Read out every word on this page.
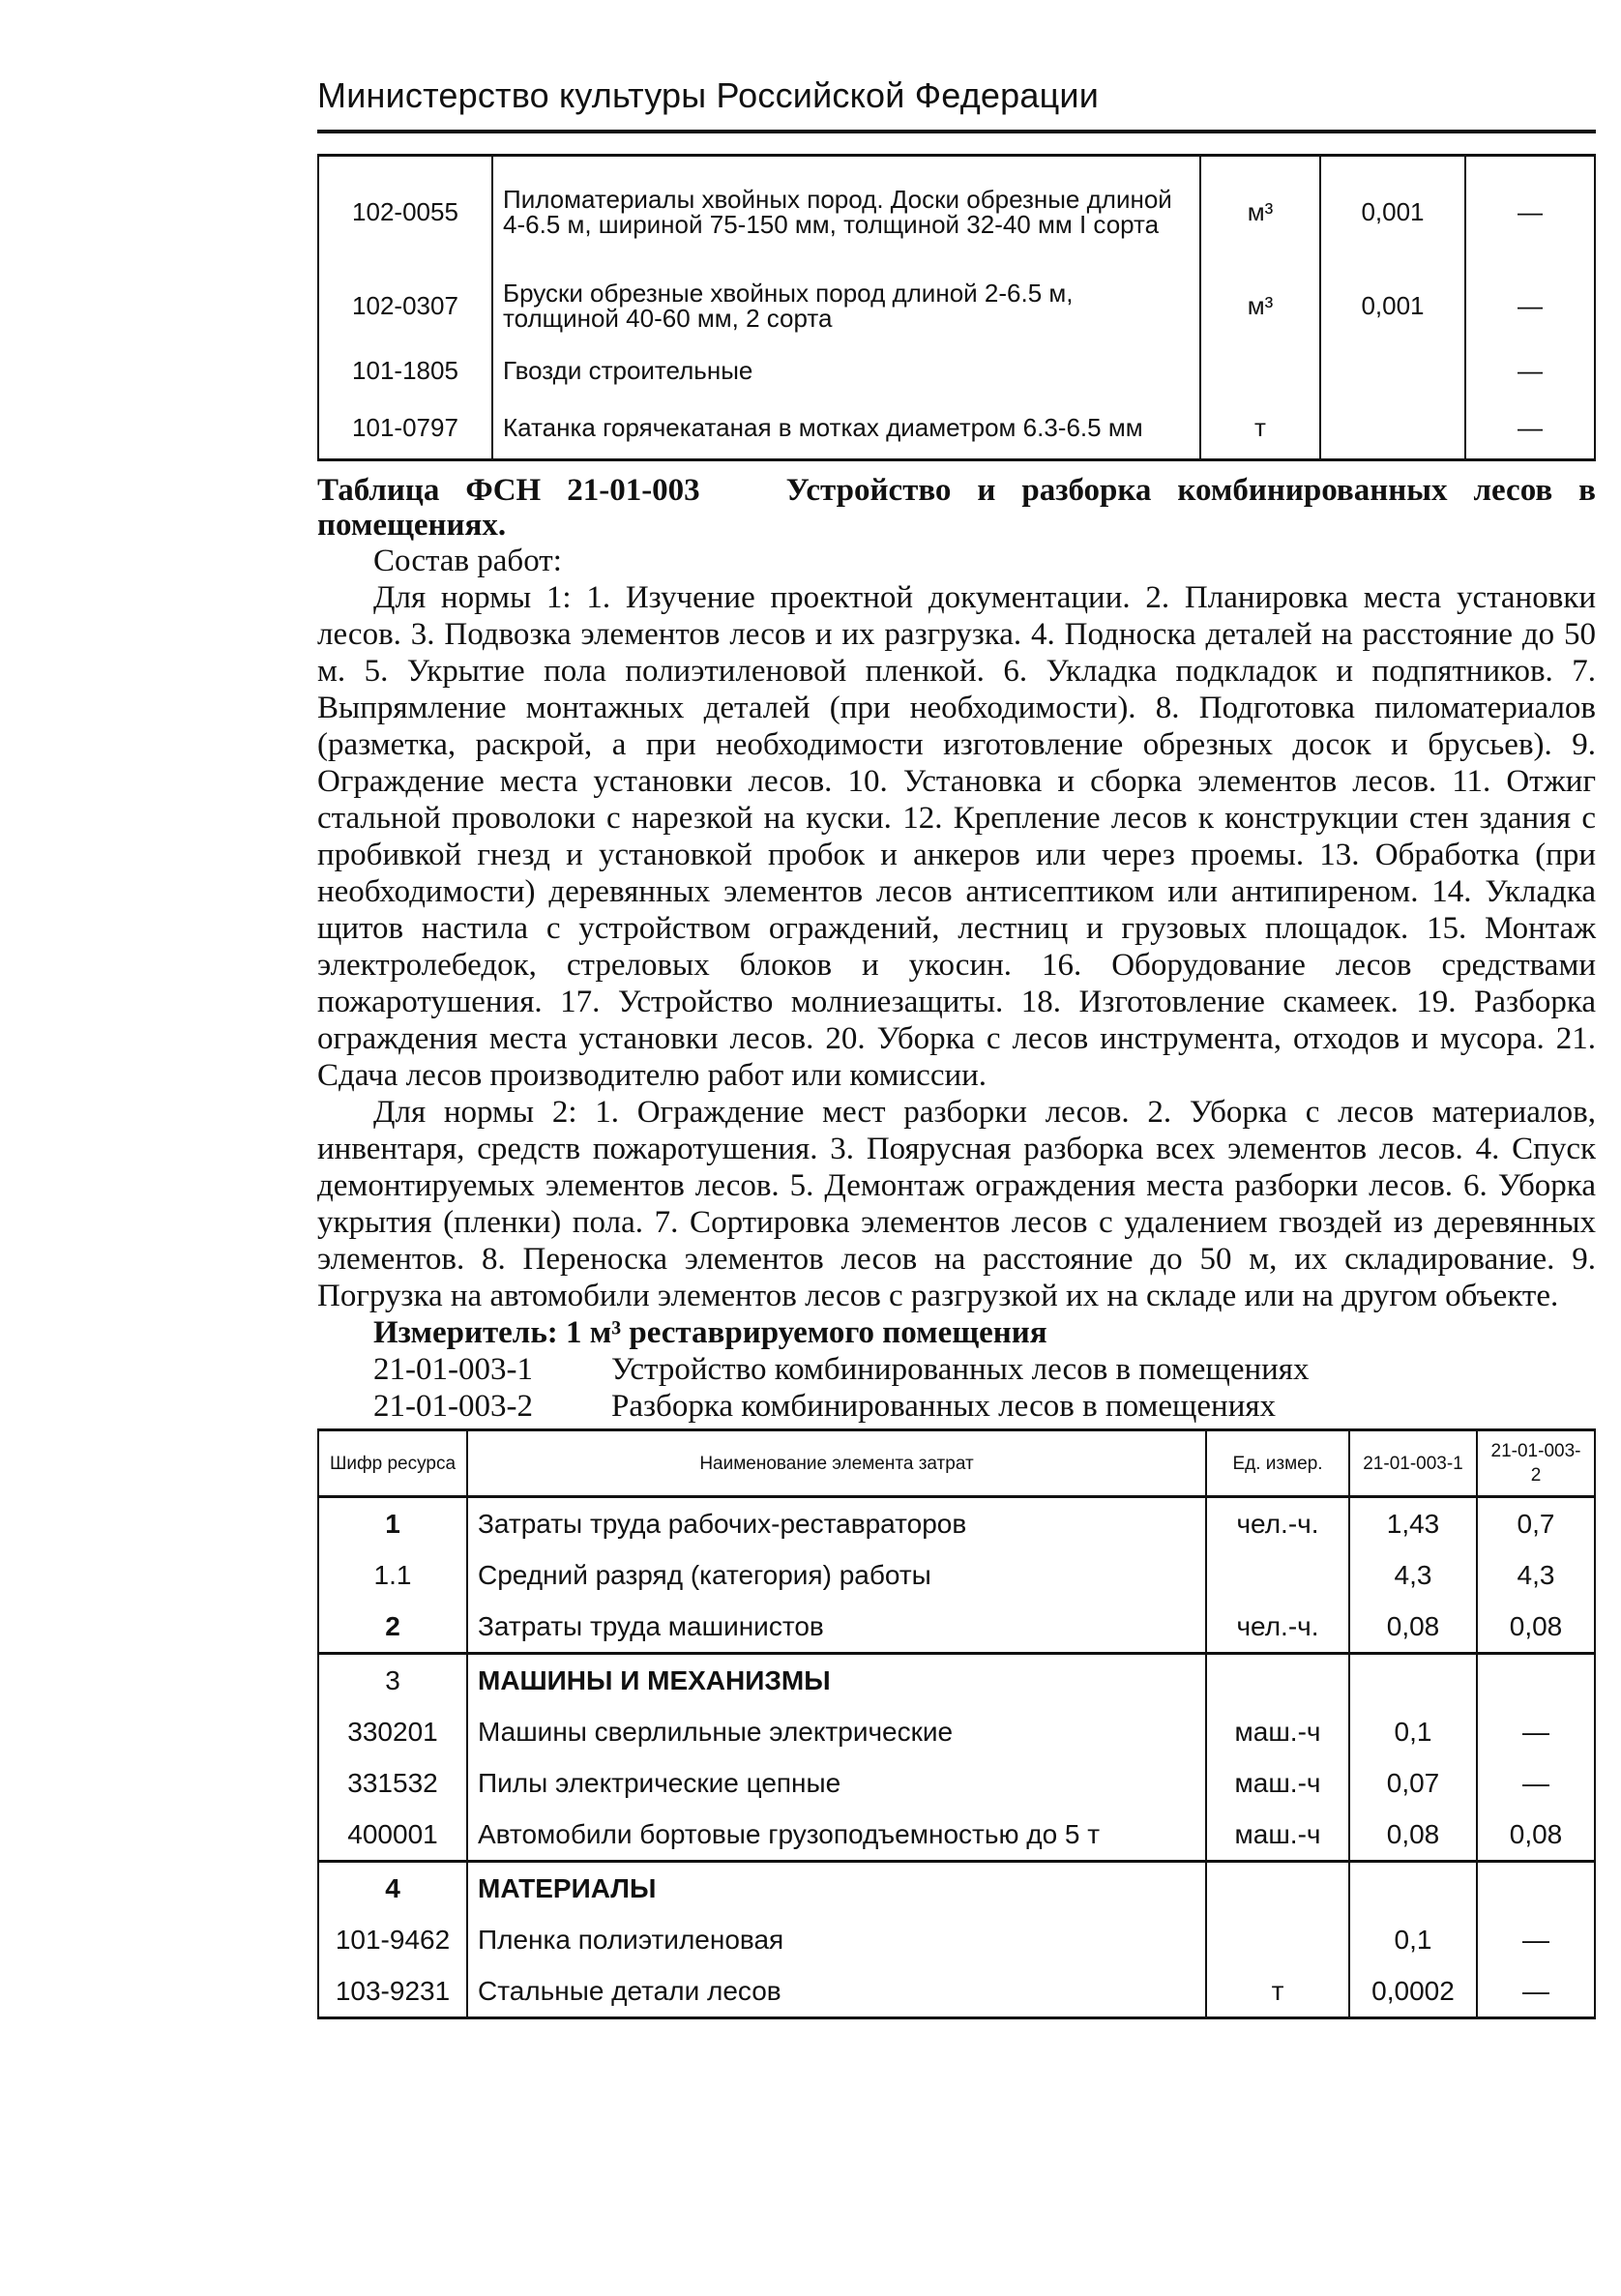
Министерство культуры Российской Федерации
102-0055	Пиломатериалы хвойных пород. Доски обрезные длиной 4-6.5 м, шириной 75-150 мм, толщиной 32-40 мм I сорта	м³	0,001	—
102-0307	Бруски обрезные хвойных пород длиной 2-6.5 м, толщиной 40-60 мм, 2 сорта	м³	0,001	—
101-1805	Гвозди строительные			—
101-0797	Катанка горячекатаная в мотках диаметром 6.3-6.5 мм	т		—
Таблица ФСН 21-01-003	Устройство и разборка комбинированных лесов в помещениях.

Состав работ:

Для нормы 1: 1. Изучение проектной документации. 2. Планировка места установки лесов. 3. Подвозка элементов лесов и их разгрузка. 4. Подноска деталей на расстояние до 50 м. 5. Укрытие пола полиэтиленовой пленкой. 6. Укладка подкладок и подпятников. 7. Выпрямление монтажных деталей (при необходимости). 8. Подготовка пиломатериалов (разметка, раскрой, а при необходимости изготовление обрезных досок и брусьев). 9. Ограждение места установки лесов. 10. Установка и сборка элементов лесов. 11. Отжиг стальной проволоки с нарезкой на куски. 12. Крепление лесов к конструкции стен здания с пробивкой гнезд и установкой пробок и анкеров или через проемы. 13. Обработка (при необходимости) деревянных элементов лесов антисептиком или антипиреном. 14. Укладка щитов настила с устройством ограждений, лестниц и грузовых площадок. 15. Монтаж электролебедок, стреловых блоков и укосин. 16. Оборудование лесов средствами пожаротушения. 17. Устройство молниезащиты. 18. Изготовление скамеек. 19. Разборка ограждения места установки лесов. 20. Уборка с лесов инструмента, отходов и мусора. 21. Сдача лесов производителю работ или комиссии.

Для нормы 2: 1. Ограждение мест разборки лесов. 2. Уборка с лесов материалов, инвентаря, средств пожаротушения. 3. Поярусная разборка всех элементов лесов. 4. Спуск демонтируемых элементов лесов. 5. Демонтаж ограждения места разборки лесов. 6. Уборка укрытия (пленки) пола. 7. Сортировка элементов лесов с удалением гвоздей из деревянных элементов. 8. Переноска элементов лесов на расстояние до 50 м, их складирование. 9. Погрузка на автомобили элементов лесов с разгрузкой их на складе или на другом объекте.

Измеритель: 1 м³ реставрируемого помещения

21-01-003-1 Устройство комбинированных лесов в помещениях

21-01-003-2 Разборка комбинированных лесов в помещениях

Шифр ресурса	Наименование элемента затрат	Ед. измер.	21-01-003-1	21-01-003-2
1	Затраты труда рабочих-реставраторов	чел.-ч.	1,43	0,7
1.1	Средний разряд (категория) работы		4,3	4,3
2	Затраты труда машинистов	чел.-ч.	0,08	0,08
3	МАШИНЫ И МЕХАНИЗМЫ			
330201	Машины сверлильные электрические	маш.-ч	0,1	—
331532	Пилы электрические цепные	маш.-ч	0,07	—
400001	Автомобили бортовые грузоподъемностью до 5 т	маш.-ч	0,08	0,08
4	МАТЕРИАЛЫ			
101-9462	Пленка полиэтиленовая		0,1	—
103-9231	Стальные детали лесов	т	0,0002	—
